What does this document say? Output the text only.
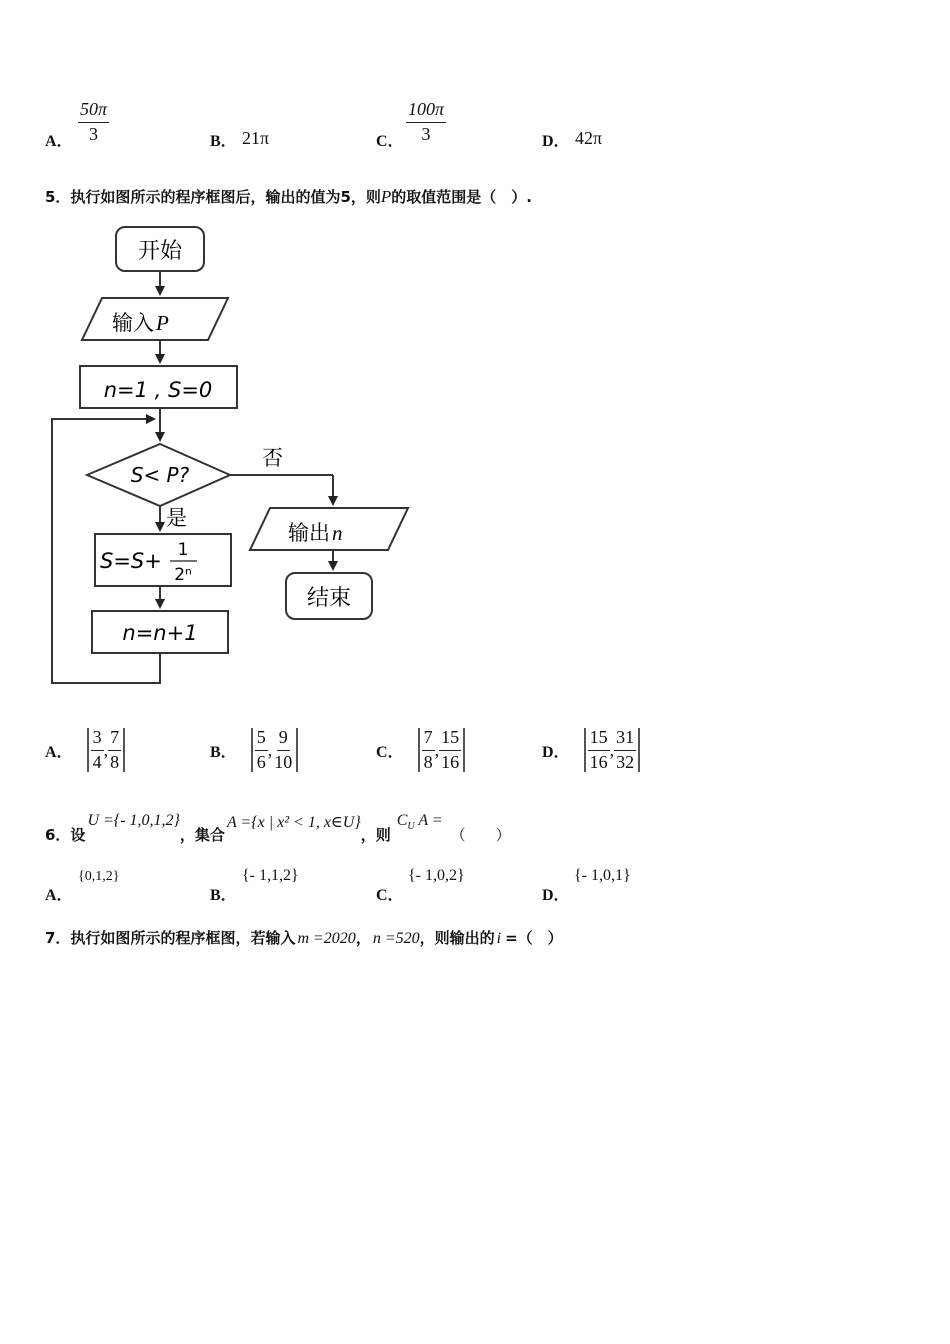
A． $\frac{50\pi}{3}$	B． 21π	C． $\frac{100\pi}{3}$	D． 42π
5．执行如图所示的程序框图后，输出的值为5，则P的取值范围是（　）.
开始
输入P
n=1 , S=0
S< P?
否
是
S=S+ 1
2ⁿ
n=n+1
输出n
结束
A． $\frac{3}{4}$ , $\frac{7}{8}$	B． $\frac{5}{6}$ , $\frac{9}{10}$	C． $\frac{7}{8}$ , $\frac{15}{16}$	D． $\frac{15}{16}$ , $\frac{31}{32}$
6．设
U ={- 1,0,1,2}
，集合
A ={x | x² < 1, x∈U}
，则
$C_U$ A =
（　　）
A．
{0,1,2}
B．
{- 1,1,2}
C．
{- 1,0,2}
D．
{- 1,0,1}
7．执行如图所示的程序框图，若输入 m =2020 ， n =520 ，则输出的 i =（　）
